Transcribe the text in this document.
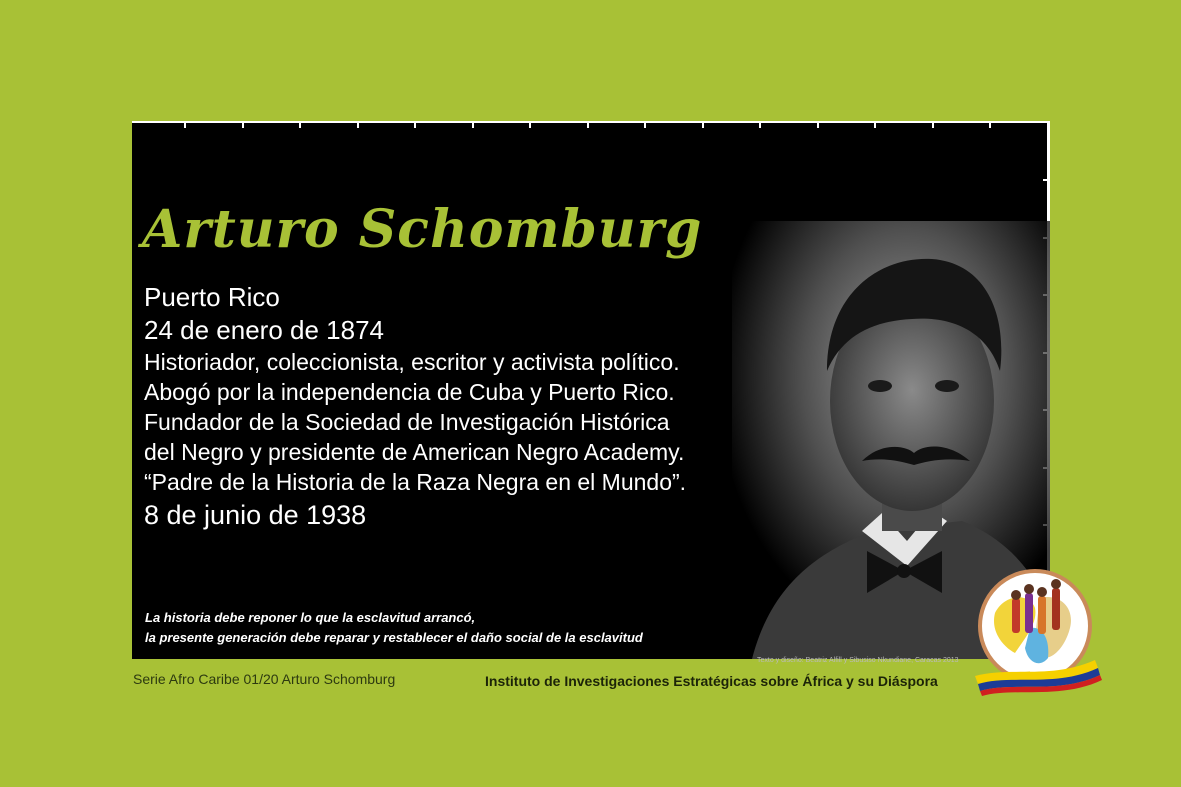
Arturo Schomburg
Puerto Rico
24 de enero de 1874
Historiador, coleccionista, escritor y activista político.
Abogó por la independencia de Cuba y Puerto Rico.
Fundador de la Sociedad de Investigación Histórica
del Negro y presidente de American Negro Academy.
“Padre de la Historia de la Raza Negra en el Mundo”.
8 de junio de 1938
La historia debe reponer lo que la esclavitud arrancó,
la presente generación debe reparar y restablecer el daño social de la esclavitud
Texto y diseño: Beatriz Alfill y Sibusiso Nkundiane, Caracas 2013
Serie Afro Caribe 01/20 Arturo Schomburg	Instituto de Investigaciones Estratégicas sobre África y su Diáspora
